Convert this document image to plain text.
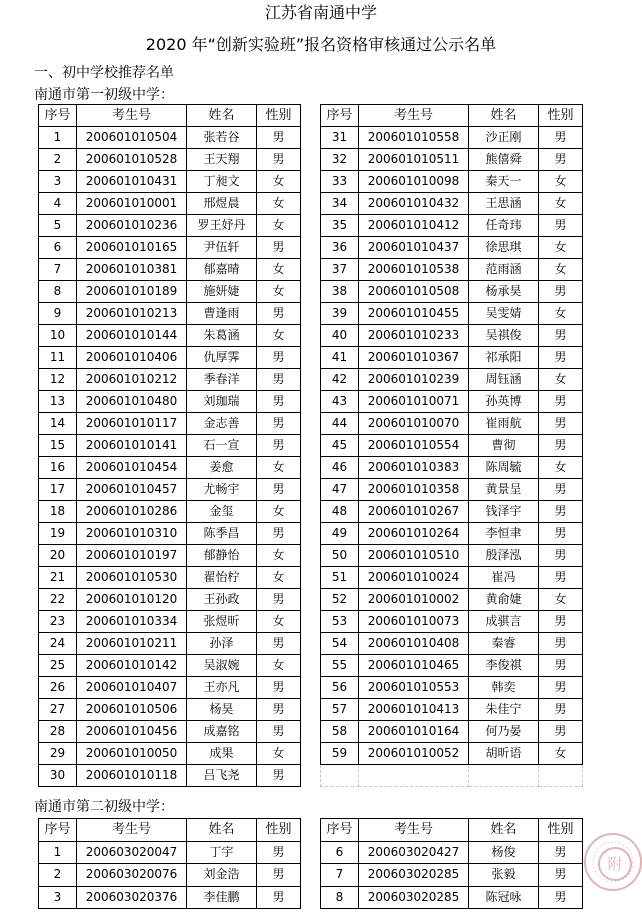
江苏省南通中学
2020 年“创新实验班”报名资格审核通过公示名单
一、初中学校推荐名单
南通市第一初级中学：
序号	考生号	姓名	性别
1	200601010504	张若谷	男
2	200601010528	王天翔	男
3	200601010431	丁昶文	女
4	200601010001	邢煜晨	女
5	200601010236	罗王妤丹	女
6	200601010165	尹伍轩	男
7	200601010381	郁嘉晴	女
8	200601010189	施妍婕	女
9	200601010213	曹逢雨	男
10	200601010144	朱葛涵	女
11	200601010406	仇厚霁	男
12	200601010212	季春洋	男
13	200601010480	刘珈瑞	男
14	200601010117	金志善	男
15	200601010141	石一宣	男
16	200601010454	姜愈	女
17	200601010457	尤畅宇	男
18	200601010286	金玺	女
19	200601010310	陈季昌	男
20	200601010197	郁静怡	女
21	200601010530	翟怡柠	女
22	200601010120	王孙政	男
23	200601010334	张煜昕	女
24	200601010211	孙泽	男
25	200601010142	吴淑婉	女
26	200601010407	王亦凡	男
27	200601010506	杨昊	男
28	200601010456	成嘉铭	男
29	200601010050	成果	女
30	200601010118	吕飞尧	男
序号	考生号	姓名	性别
31	200601010558	沙正刚	男
32	200601010511	熊僖舜	男
33	200601010098	秦天一	女
34	200601010432	王思涵	女
35	200601010412	任奇玮	男
36	200601010437	徐思琪	女
37	200601010538	范雨涵	女
38	200601010508	杨承昊	男
39	200601010455	吴雯婧	女
40	200601010233	吴祺俊	男
41	200601010367	祁承阳	男
42	200601010239	周钰涵	女
43	200601010071	孙英博	男
44	200601010070	崔雨航	男
45	200601010554	曹彻	男
46	200601010383	陈周毓	女
47	200601010358	黄景呈	男
48	200601010267	钱泽宇	男
49	200601010264	李恒聿	男
50	200601010510	殷泽泓	男
51	200601010024	崔冯	男
52	200601010002	黄俞婕	女
53	200601010073	成骐言	男
54	200601010408	秦睿	男
55	200601010465	李俊祺	男
56	200601010553	韩奕	男
57	200601010413	朱佳宁	男
58	200601010164	何乃晏	男
59	200601010052	胡昕语	女

南通市第二初级中学：
序号	考生号	姓名	性别
1	200603020047	丁宇	男
2	200603020076	刘金浩	男
3	200603020376	李佳鹏	男
序号	考生号	姓名	性别
6	200603020427	杨俊	男
7	200603020285	张毅	男
8	200603020285	陈冠咏	男
附
